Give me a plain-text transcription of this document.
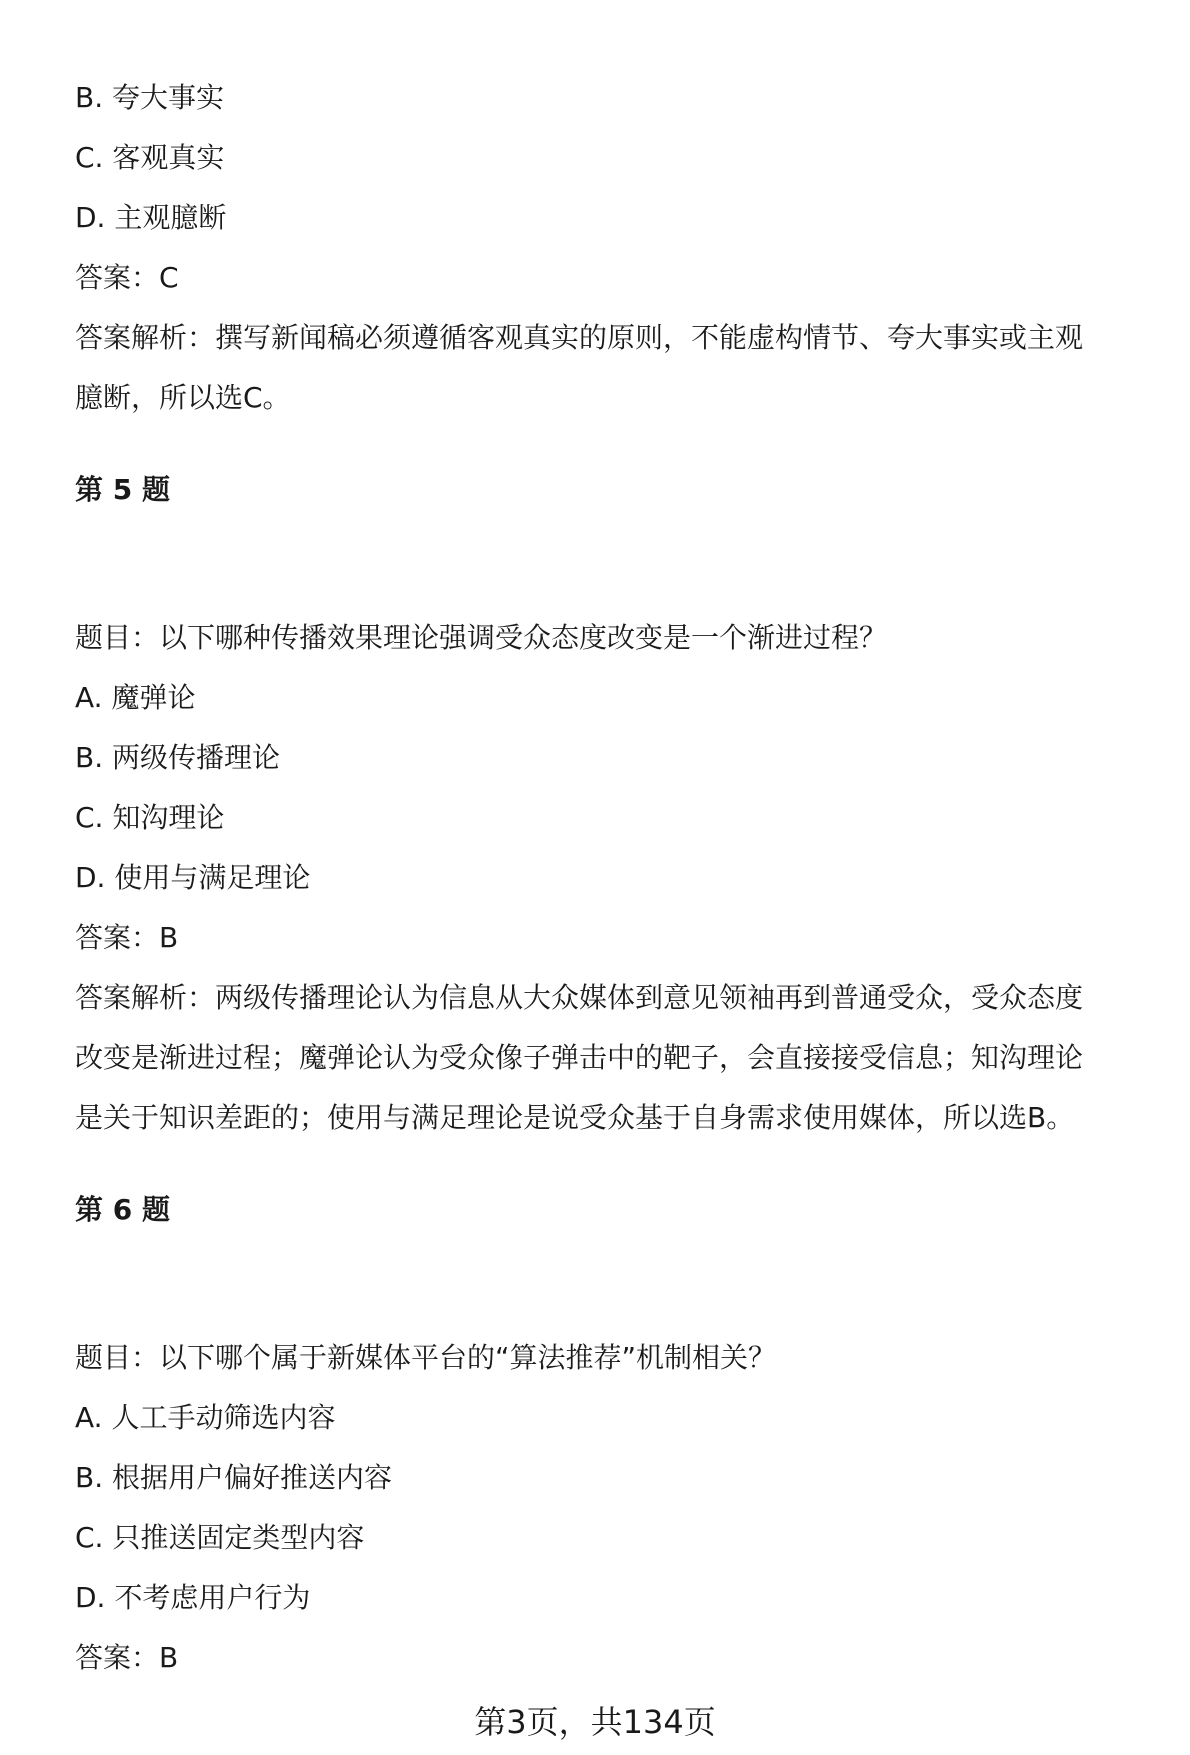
B. 夸大事实
C. 客观真实
D. 主观臆断
答案：C
答案解析：撰写新闻稿必须遵循客观真实的原则，不能虚构情节、夸大事实或主观
臆断，所以选C。
第 5 题
题目：以下哪种传播效果理论强调受众态度改变是一个渐进过程？
A. 魔弹论
B. 两级传播理论
C. 知沟理论
D. 使用与满足理论
答案：B
答案解析：两级传播理论认为信息从大众媒体到意见领袖再到普通受众，受众态度
改变是渐进过程；魔弹论认为受众像子弹击中的靶子，会直接接受信息；知沟理论
是关于知识差距的；使用与满足理论是说受众基于自身需求使用媒体，所以选B。
第 6 题
题目：以下哪个属于新媒体平台的“算法推荐”机制相关？
A. 人工手动筛选内容
B. 根据用户偏好推送内容
C. 只推送固定类型内容
D. 不考虑用户行为
答案：B
第3页，共134页
